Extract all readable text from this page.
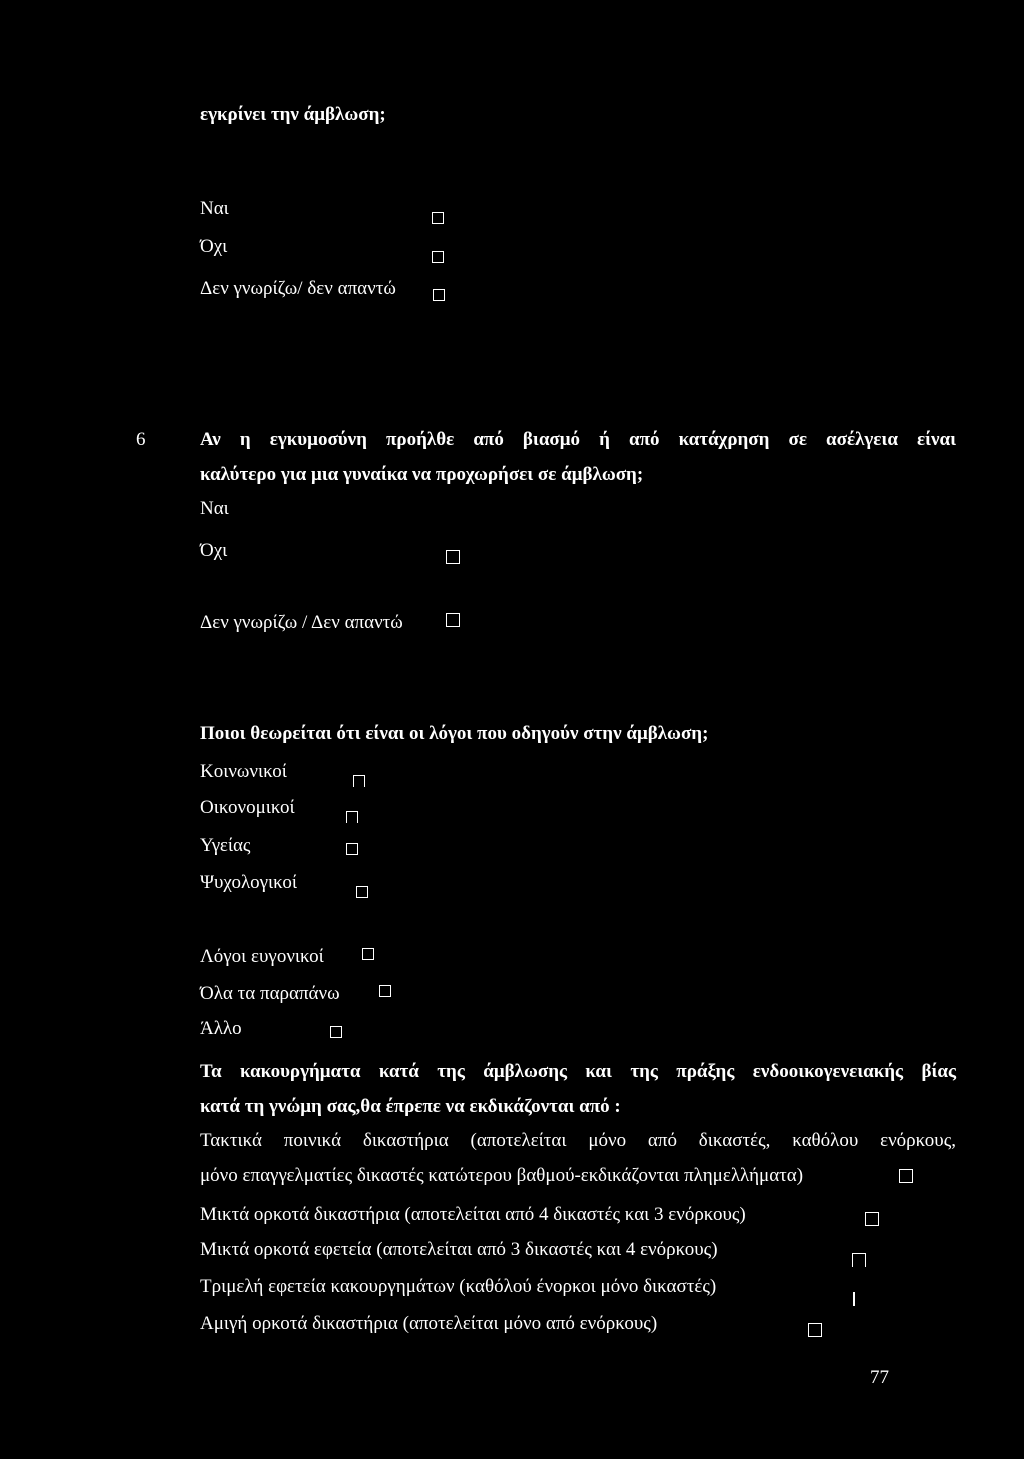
εγκρίνει την άμβλωση;
Ναι
Όχι
Δεν γνωρίζω/ δεν απαντώ
6	Αν η εγκυμοσύνη προήλθε από βιασμό ή από κατάχρηση σε ασέλγεια είναι
καλύτερο για μια γυναίκα να προχωρήσει σε άμβλωση;
Ναι
Όχι
Δεν γνωρίζω / Δεν απαντώ
Ποιοι θεωρείται ότι είναι οι λόγοι που οδηγούν στην άμβλωση;
Κοινωνικοί
Οικονομικοί
Υγείας
Ψυχολογικοί
Λόγοι ευγονικοί
Όλα τα παραπάνω
Άλλο
Τα κακουργήματα κατά της άμβλωσης και της πράξης ενδοοικογενειακής βίας
κατά τη γνώμη σας,θα έπρεπε να εκδικάζονται από :
Τακτικά ποινικά δικαστήρια (αποτελείται μόνο από δικαστές, καθόλου ενόρκους,
μόνο επαγγελματίες δικαστές κατώτερου βαθμού-εκδικάζονται πλημελλήματα)
Μικτά ορκοτά δικαστήρια (αποτελείται από 4 δικαστές και 3 ενόρκους)
Μικτά ορκοτά εφετεία (αποτελείται από 3 δικαστές και 4 ενόρκους)
Τριμελή εφετεία κακουργημάτων (καθόλού ένορκοι μόνο δικαστές)
Αμιγή ορκοτά δικαστήρια (αποτελείται μόνο από ενόρκους)
77
